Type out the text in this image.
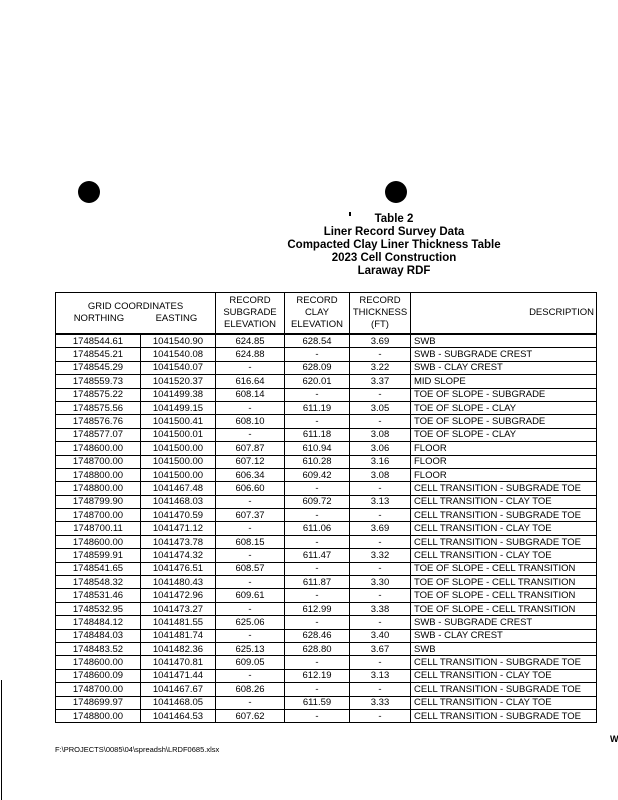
Table 2
Liner Record Survey Data
Compacted Clay Liner Thickness Table
2023 Cell Construction
Laraway RDF
GRID COORDINATES
NORTHING EASTING		RECORD SUBGRADE ELEVATION	RECORD CLAY ELEVATION	RECORD THICKNESS (FT)	DESCRIPTION
1748544.61	1041540.90	624.85	628.54	3.69	SWB
1748545.21	1041540.08	624.88	-	-	SWB - SUBGRADE CREST
1748545.29	1041540.07	-	628.09	3.22	SWB - CLAY CREST
1748559.73	1041520.37	616.64	620.01	3.37	MID SLOPE
1748575.22	1041499.38	608.14	-	-	TOE OF SLOPE - SUBGRADE
1748575.56	1041499.15	-	611.19	3.05	TOE OF SLOPE - CLAY
1748576.76	1041500.41	608.10	-	-	TOE OF SLOPE - SUBGRADE
1748577.07	1041500.01	-	611.18	3.08	TOE OF SLOPE - CLAY
1748600.00	1041500.00	607.87	610.94	3.06	FLOOR
1748700.00	1041500.00	607.12	610.28	3.16	FLOOR
1748800.00	1041500.00	606.34	609.42	3.08	FLOOR
1748800.00	1041467.48	606.60	-	-	CELL TRANSITION - SUBGRADE TOE
1748799.90	1041468.03	-	609.72	3.13	CELL TRANSITION - CLAY TOE
1748700.00	1041470.59	607.37	-	-	CELL TRANSITION - SUBGRADE TOE
1748700.11	1041471.12	-	611.06	3.69	CELL TRANSITION - CLAY TOE
1748600.00	1041473.78	608.15	-	-	CELL TRANSITION - SUBGRADE TOE
1748599.91	1041474.32	-	611.47	3.32	CELL TRANSITION - CLAY TOE
1748541.65	1041476.51	608.57	-	-	TOE OF SLOPE - CELL TRANSITION
1748548.32	1041480.43	-	611.87	3.30	TOE OF SLOPE - CELL TRANSITION
1748531.46	1041472.96	609.61	-	-	TOE OF SLOPE - CELL TRANSITION
1748532.95	1041473.27	-	612.99	3.38	TOE OF SLOPE - CELL TRANSITION
1748484.12	1041481.55	625.06	-	-	SWB - SUBGRADE CREST
1748484.03	1041481.74	-	628.46	3.40	SWB - CLAY CREST
1748483.52	1041482.36	625.13	628.80	3.67	SWB
1748600.00	1041470.81	609.05	-	-	CELL TRANSITION - SUBGRADE TOE
1748600.09	1041471.44	-	612.19	3.13	CELL TRANSITION - CLAY TOE
1748700.00	1041467.67	608.26	-	-	CELL TRANSITION - SUBGRADE TOE
1748699.97	1041468.05	-	611.59	3.33	CELL TRANSITION - CLAY TOE
1748800.00	1041464.53	607.62	-	-	CELL TRANSITION - SUBGRADE TOE
F:\PROJECTS\0085\04\spreadsh\LRDF0685.xlsx
W
